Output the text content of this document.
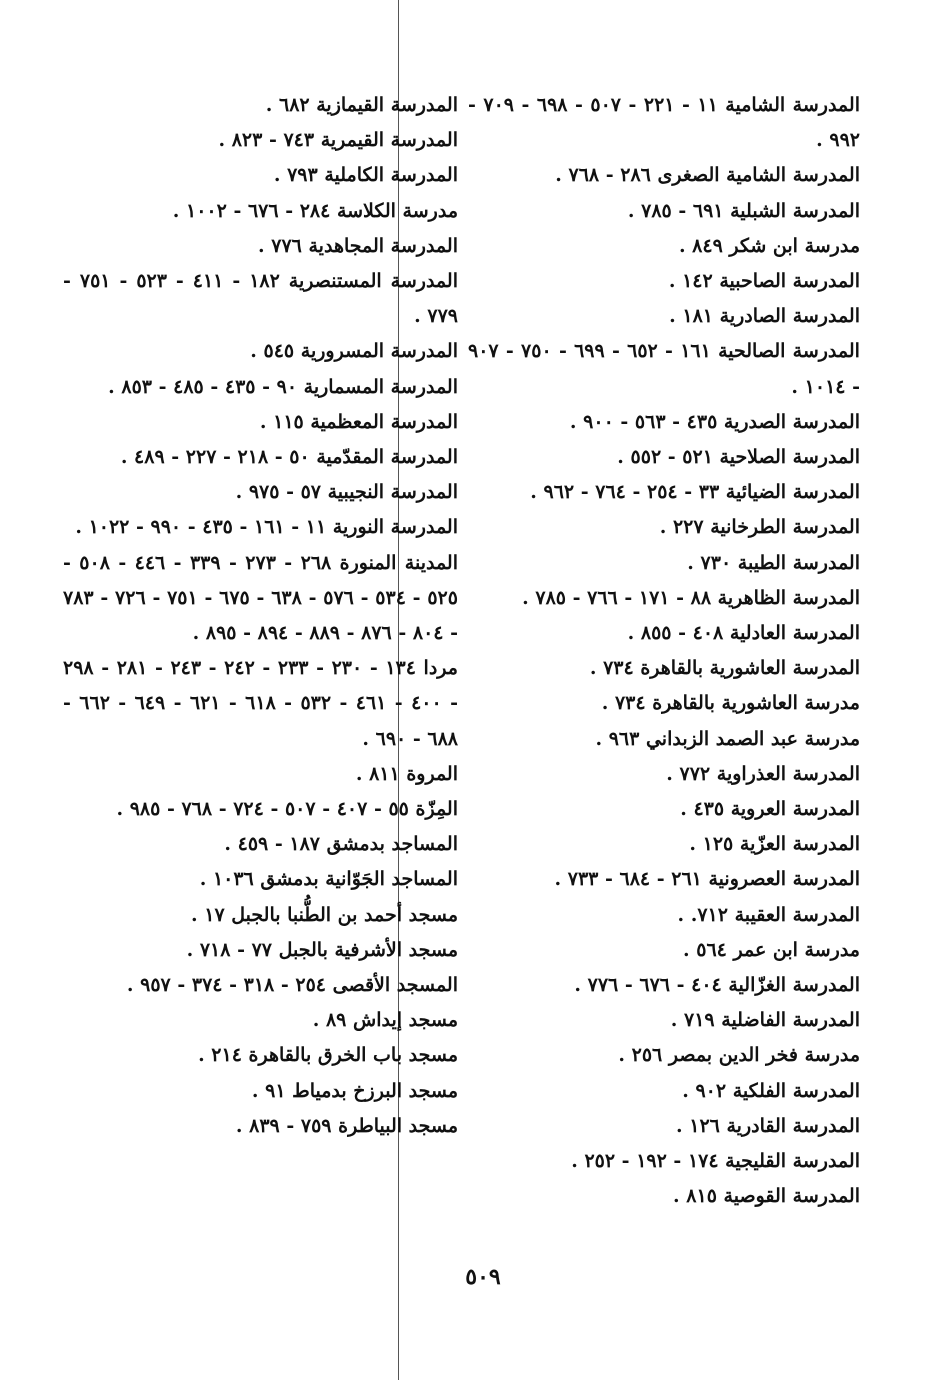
المدرسة الشامية ١١ - ٢٢١ - ٥٠٧ - ٦٩٨ - ٧٠٩ - ٩٩٢ .
المدرسة الشامية الصغرى ٢٨٦ - ٧٦٨ .
المدرسة الشبلية ٦٩١ - ٧٨٥ .
مدرسة ابن شكر ٨٤٩ .
المدرسة الصاحبية ١٤٢ .
المدرسة الصادرية ١٨١ .
المدرسة الصالحية ١٦١ - ٦٥٢ - ٦٩٩ - ٧٥٠ - ٩٠٧ - ١٠١٤ .
المدرسة الصدرية ٤٣٥ - ٥٦٣ - ٩٠٠ .
المدرسة الصلاحية ٥٢١ - ٥٥٢ .
المدرسة الضيائية ٣٣ - ٢٥٤ - ٧٦٤ - ٩٦٢ .
المدرسة الطرخانية ٢٢٧ .
المدرسة الطيبة ٧٣٠ .
المدرسة الظاهرية ٨٨ - ١٧١ - ٧٦٦ - ٧٨٥ .
المدرسة العادلية ٤٠٨ - ٨٥٥ .
المدرسة العاشورية بالقاهرة ٧٣٤ .
مدرسة العاشورية بالقاهرة ٧٣٤ .
مدرسة عبد الصمد الزبداني ٩٦٣ .
المدرسة العذراوية ٧٧٢ .
المدرسة العروية ٤٣٥ .
المدرسة العزّية ١٢٥ .
المدرسة العصرونية ٢٦١ - ٦٨٤ - ٧٣٣ .
المدرسة العقيبة ٧١٢. .
مدرسة ابن عمر ٥٦٤ .
المدرسة الغزّالية ٤٠٤ - ٦٧٦ - ٧٧٦ .
المدرسة الفاضلية ٧١٩ .
مدرسة فخر الدين بمصر ٢٥٦ .
المدرسة الفلكية ٩٠٢ .
المدرسة القادرية ١٢٦ .
المدرسة القليجية ١٧٤ - ١٩٢ - ٢٥٢ .
المدرسة القوصية ٨١٥ .
المدرسة القيمازية ٦٨٢ .
المدرسة القيمرية ٧٤٣ - ٨٢٣ .
المدرسة الكاملية ٧٩٣ .
مدرسة الكلاسة ٢٨٤ - ٦٧٦ - ١٠٠٢ .
المدرسة المجاهدية ٧٧٦ .
المدرسة المستنصرية ١٨٢ - ٤١١ - ٥٢٣ - ٧٥١ - ٧٧٩ .
المدرسة المسرورية ٥٤٥ .
المدرسة المسمارية ٩٠ - ٤٣٥ - ٤٨٥ - ٨٥٣ .
المدرسة المعظمية ١١٥ .
المدرسة المقدّمية ٥٠ - ٢١٨ - ٢٢٧ - ٤٨٩ .
المدرسة النجيبية ٥٧ - ٩٧٥ .
المدرسة النورية ١١ - ١٦١ - ٤٣٥ - ٩٩٠ - ١٠٢٢ .
المدينة المنورة ٢٦٨ - ٢٧٣ - ٣٣٩ - ٤٤٦ - ٥٠٨ - ٥٢٥ - ٥٣٤ - ٥٧٦ - ٦٣٨ - ٦٧٥ - ٧٥١ - ٧٢٦ - ٧٨٣ - ٨٠٤ - ٨٧٦ - ٨٨٩ - ٨٩٤ - ٨٩٥ .
مردا ١٣٤ - ٢٣٠ - ٢٣٣ - ٢٤٢ - ٢٤٣ - ٢٨١ - ٢٩٨ - ٤٠٠ - ٤٦١ - ٥٣٢ - ٦١٨ - ٦٢١ - ٦٤٩ - ٦٦٢ - ٦٨٨ - ٦٩٠ .
المروة ٨١١ .
المِزّة ٥٥ - ٤٠٧ - ٥٠٧ - ٧٢٤ - ٧٦٨ - ٩٨٥ .
المساجد بدمشق ١٨٧ - ٤٥٩ .
المساجد الجَوّانية بدمشق ١٠٣٦ .
مسجد أحمد بن الطُّنبا بالجبل ١٧ .
مسجد الأشرفية بالجبل ٧٧ - ٧١٨ .
المسجد الأقصى ٢٥٤ - ٣١٨ - ٣٧٤ - ٩٥٧ .
مسجد إيداش ٨٩ .
مسجد باب الخرق بالقاهرة ٢١٤ .
مسجد البرزخ بدمياط ٩١ .
مسجد البياطرة ٧٥٩ - ٨٣٩ .
٥٠٩
